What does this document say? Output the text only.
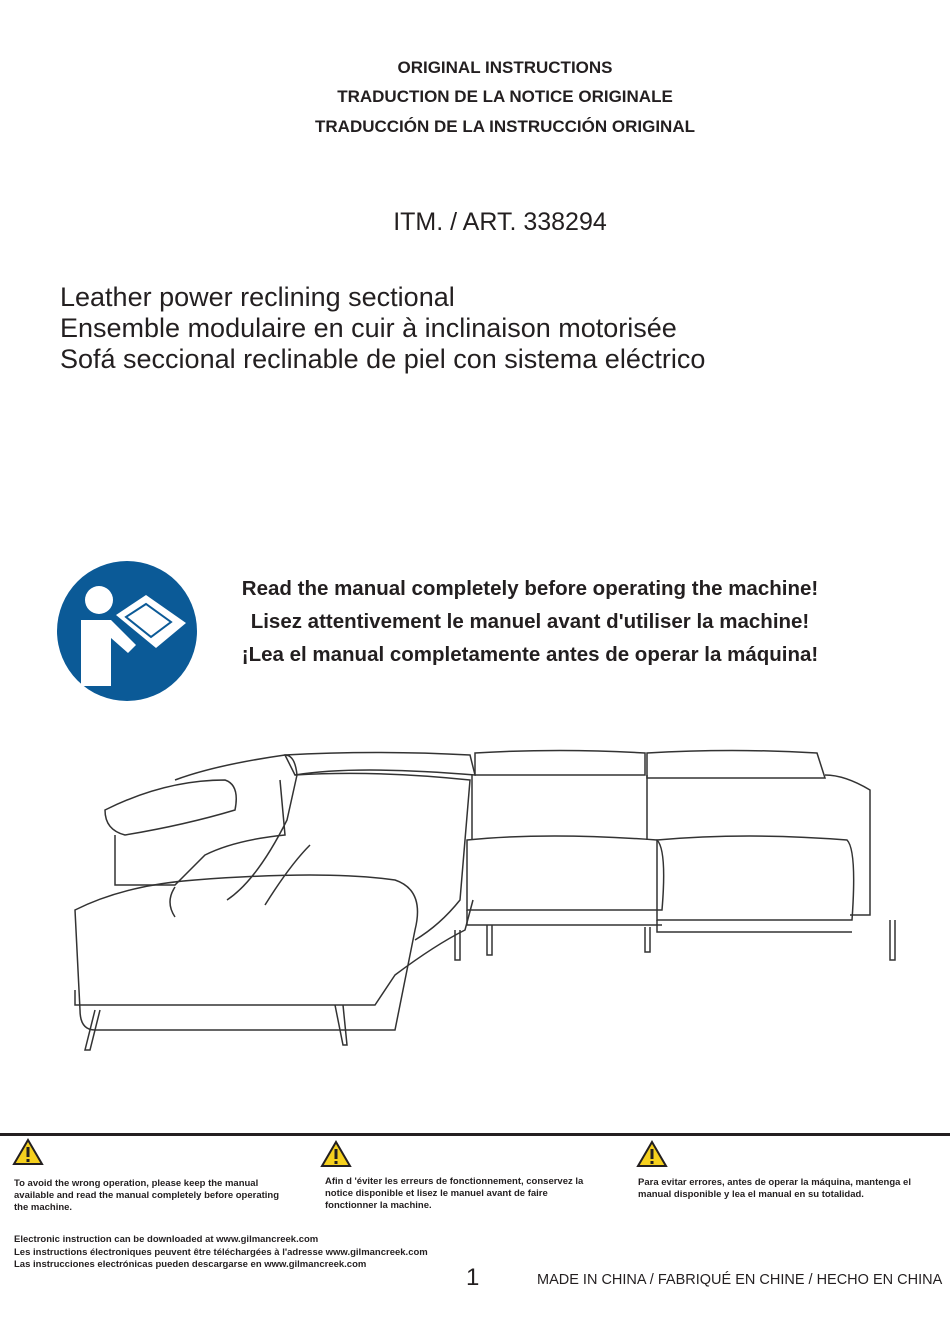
ORIGINAL INSTRUCTIONS
TRADUCTION DE LA NOTICE ORIGINALE
TRADUCCIÓN DE LA INSTRUCCIÓN ORIGINAL
ITM. / ART. 338294
Leather power reclining sectional
Ensemble modulaire en cuir à inclinaison motorisée
Sofá seccional reclinable de piel con sistema eléctrico
Read the manual completely before operating the machine!
Lisez attentivement le manuel avant d'utiliser la machine!
¡Lea el manual completamente antes de operar la máquina!
To avoid the wrong operation, please keep the manual available and read the manual completely before operating the machine.
Afin d 'éviter les erreurs de fonctionnement, conservez la notice disponible et lisez le manuel avant de faire fonctionner la machine.
Para evitar errores, antes de operar la máquina, mantenga el manual disponible y lea el manual en su totalidad.
Electronic instruction can be downloaded at www.gilmancreek.com
Les instructions électroniques peuvent être téléchargées à l'adresse www.gilmancreek.com
Las instrucciones electrónicas pueden descargarse en www.gilmancreek.com	1	MADE IN CHINA / FABRIQUÉ EN CHINE / HECHO EN CHINA
